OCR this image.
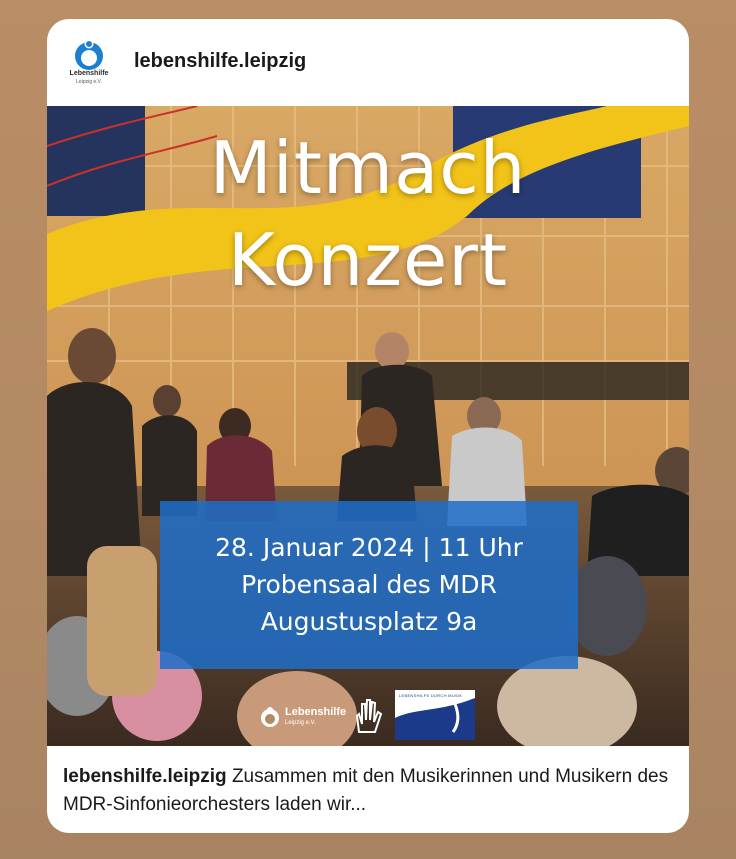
Lebenshilfe
Leipzig e.V.
lebenshilfe.leipzig
Mitmach
Konzert
28. Januar 2024 | 11 Uhr
Probensaal des MDR
Augustusplatz 9a
Lebenshilfe
Leipzig e.V.
LEBENSHILFE DURCH MUSIK
lebenshilfe.leipzig Zusammen mit den Musikerinnen und Musikern des MDR-Sinfonieorchesters laden wir...
